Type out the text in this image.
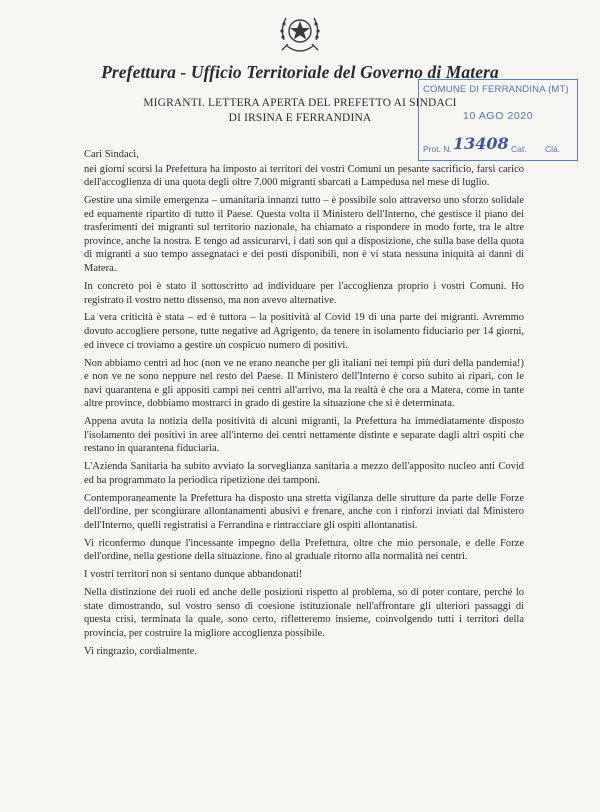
Prefettura - Ufficio Territoriale del Governo di Matera
MIGRANTI. LETTERA APERTA DEL PREFETTO AI SINDACI
DI IRSINA E FERRANDINA
COMUNE DI FERRANDINA (MT)
10 AGO 2020
Prot. N. 13408 Cat. Cla.

Cari Sindaci,

nei giorni scorsi la Prefettura ha imposto ai territori dei vostri Comuni un pesante sacrificio, farsi carico dell'accoglienza di una quota degli oltre 7.000 migranti sbarcati a Lampedusa nel mese di luglio.

Gestire una simile emergenza – umanitaria innanzi tutto – è possibile solo attraverso uno sforzo solidale ed equamente ripartito di tutto il Paese. Questa volta il Ministero dell'Interno, che gestisce il piano dei trasferimenti dei migranti sul territorio nazionale, ha chiamato a rispondere in modo forte, tra le altre province, anche la nostra. E tengo ad assicurarvi, i dati son qui a disposizione, che sulla base della quota di migranti a suo tempo assegnataci e dei posti disponibili, non è vi stata nessuna iniquità ai danni di Matera.

In concreto poi è stato il sottoscritto ad individuare per l'accoglienza proprio i vostri Comuni. Ho registrato il vostro netto dissenso, ma non avevo alternative.

La vera criticità è stata – ed è tuttora – la positività al Covid 19 di una parte dei migranti. Avremmo dovuto accogliere persone, tutte negative ad Agrigento, da tenere in isolamento fiduciario per 14 giorni, ed invece ci troviamo a gestire un cospicuo numero di positivi.

Non abbiamo centri ad hoc (non ve ne erano neanche per gli italiani nei tempi più duri della pandemia!) e non ve ne sono neppure nel resto del Paese. Il Ministero dell'Interno è corso subito ai ripari, con le navi quarantena e gli appositi campi nei centri all'arrivo, ma la realtà è che ora a Matera, come in tante altre province, dobbiamo mostrarci in grado di gestire la situazione che si è determinata.

Appena avuta la notizia della positività di alcuni migranti, la Prefettura ha immediatamente disposto l'isolamento dei positivi in aree all'interno dei centri nettamente distinte e separate dagli altri ospiti che restano in quarantena fiduciaria.

L'Azienda Sanitaria ha subito avviato la sorveglianza sanitaria a mezzo dell'apposito nucleo anti Covid ed ha programmato la periodica ripetizione dei tamponi.

Contemporaneamente la Prefettura ha disposto una stretta vigilanza delle strutture da parte delle Forze dell'ordine, per scongiurare allontanamenti abusivi e frenare, anche con i rinforzi inviati dal Ministero dell'Interno, quelli registratisi a Ferrandina e rintracciare gli ospiti allontanatisi.

Vi riconfermo dunque l'incessante impegno della Prefettura, oltre che mio personale, e delle Forze dell'ordine, nella gestione della situazione. fino al graduale ritorno alla normalità nei centri.

I vostri territori non si sentano dunque abbandonati!

Nella distinzione dei ruoli ed anche delle posizioni rispetto al problema, so di poter contare, perché lo state dimostrando, sul vostro senso di coesione istituzionale nell'affrontare gli ulteriori passaggi di questa crisi, terminata la quale, sono certo, rifletteremo insieme, coinvolgendo tutti i territori della provincia, per costruire la migliore accoglienza possibile.

Vi ringrazio, cordialmente.
